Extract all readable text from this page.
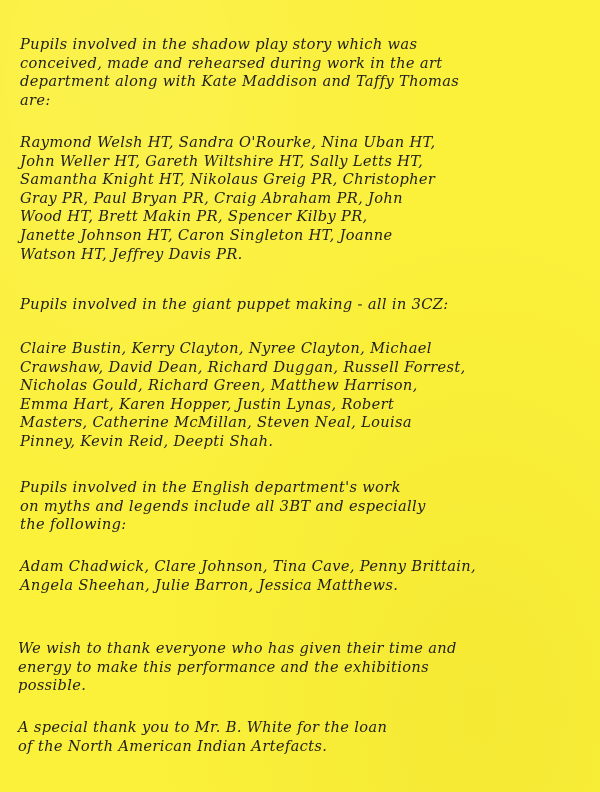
Pupils involved in the shadow play story which was
conceived, made and rehearsed during work in the art
department along with Kate Maddison and Taffy Thomas
are:

Raymond Welsh HT, Sandra O'Rourke, Nina Uban HT,
John Weller HT, Gareth Wiltshire HT, Sally Letts HT,
Samantha Knight HT, Nikolaus Greig PR, Christopher
Gray PR, Paul Bryan PR, Craig Abraham PR, John
Wood HT, Brett Makin PR, Spencer Kilby PR,
Janette Johnson HT, Caron Singleton HT, Joanne
Watson HT, Jeffrey Davis PR.

Pupils involved in the giant puppet making - all in 3CZ:

Claire Bustin, Kerry Clayton, Nyree Clayton, Michael
Crawshaw, David Dean, Richard Duggan, Russell Forrest,
Nicholas Gould, Richard Green, Matthew Harrison,
Emma Hart, Karen Hopper, Justin Lynas, Robert
Masters, Catherine McMillan, Steven Neal, Louisa
Pinney, Kevin Reid, Deepti Shah.

Pupils involved in the English department's work
on myths and legends include all 3BT and especially
the following:

Adam Chadwick, Clare Johnson, Tina Cave, Penny Brittain,
Angela Sheehan, Julie Barron, Jessica Matthews.

We wish to thank everyone who has given their time and
energy to make this performance and the exhibitions
possible.

A special thank you to Mr. B. White for the loan
of the North American Indian Artefacts.
